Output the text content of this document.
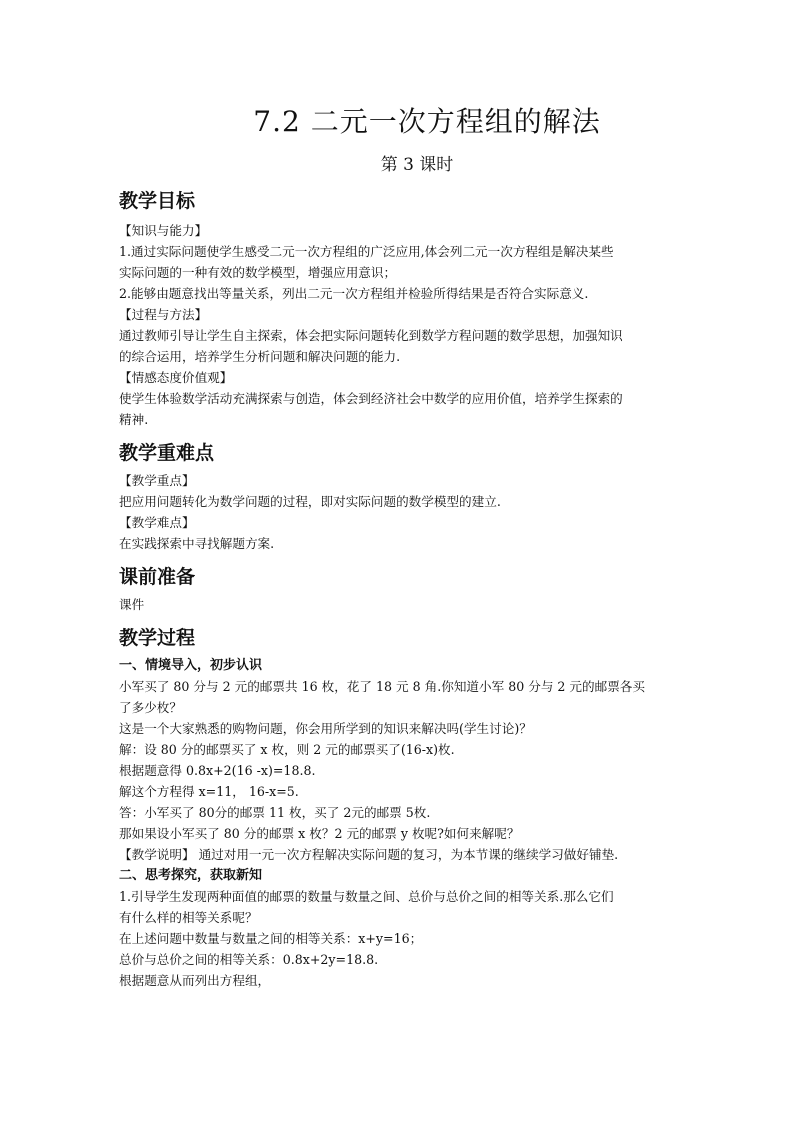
7.2 二元一次方程组的解法
第 3 课时
教学目标

【知识与能力】

1.通过实际问题使学生感受二元一次方程组的广泛应用,体会列二元一次方程组是解决某些

实际问题的一种有效的数学模型，增强应用意识；

2.能够由题意找出等量关系，列出二元一次方程组并检验所得结果是否符合实际意义.

【过程与方法】

通过教师引导让学生自主探索，体会把实际问题转化到数学方程问题的数学思想，加强知识

的综合运用，培养学生分析问题和解决问题的能力.

【情感态度价值观】

使学生体验数学活动充满探索与创造，体会到经济社会中数学的应用价值，培养学生探索的

精神.

教学重难点

【教学重点】

把应用问题转化为数学问题的过程，即对实际问题的数学模型的建立.

【教学难点】

在实践探索中寻找解题方案.

课前准备

课件

教学过程
一、情境导入，初步认识

小军买了 80 分与 2 元的邮票共 16 枚，花了 18 元 8 角.你知道小军 80 分与 2 元的邮票各买

了多少枚？

这是一个大家熟悉的购物问题，你会用所学到的知识来解决吗(学生讨论)？

解：设 80 分的邮票买了 x 枚，则 2 元的邮票买了(16-x)枚.

根据题意得 0.8x+2(16 -x)=18.8.

解这个方程得 x=11， 16-x=5.

答：小军买了 80分的邮票 11 枚，买了 2元的邮票 5枚.

那如果设小军买了 80 分的邮票 x 枚？2 元的邮票 y 枚呢?如何来解呢？

【教学说明】 通过对用一元一次方程解决实际问题的复习，为本节课的继续学习做好铺垫.

二、思考探究，获取新知

1.引导学生发现两种面值的邮票的数量与数量之间、总价与总价之间的相等关系.那么它们

有什么样的相等关系呢？

在上述问题中数量与数量之间的相等关系：x+y=16；

总价与总价之间的相等关系：0.8x+2y=18.8.

根据题意从而列出方程组，
